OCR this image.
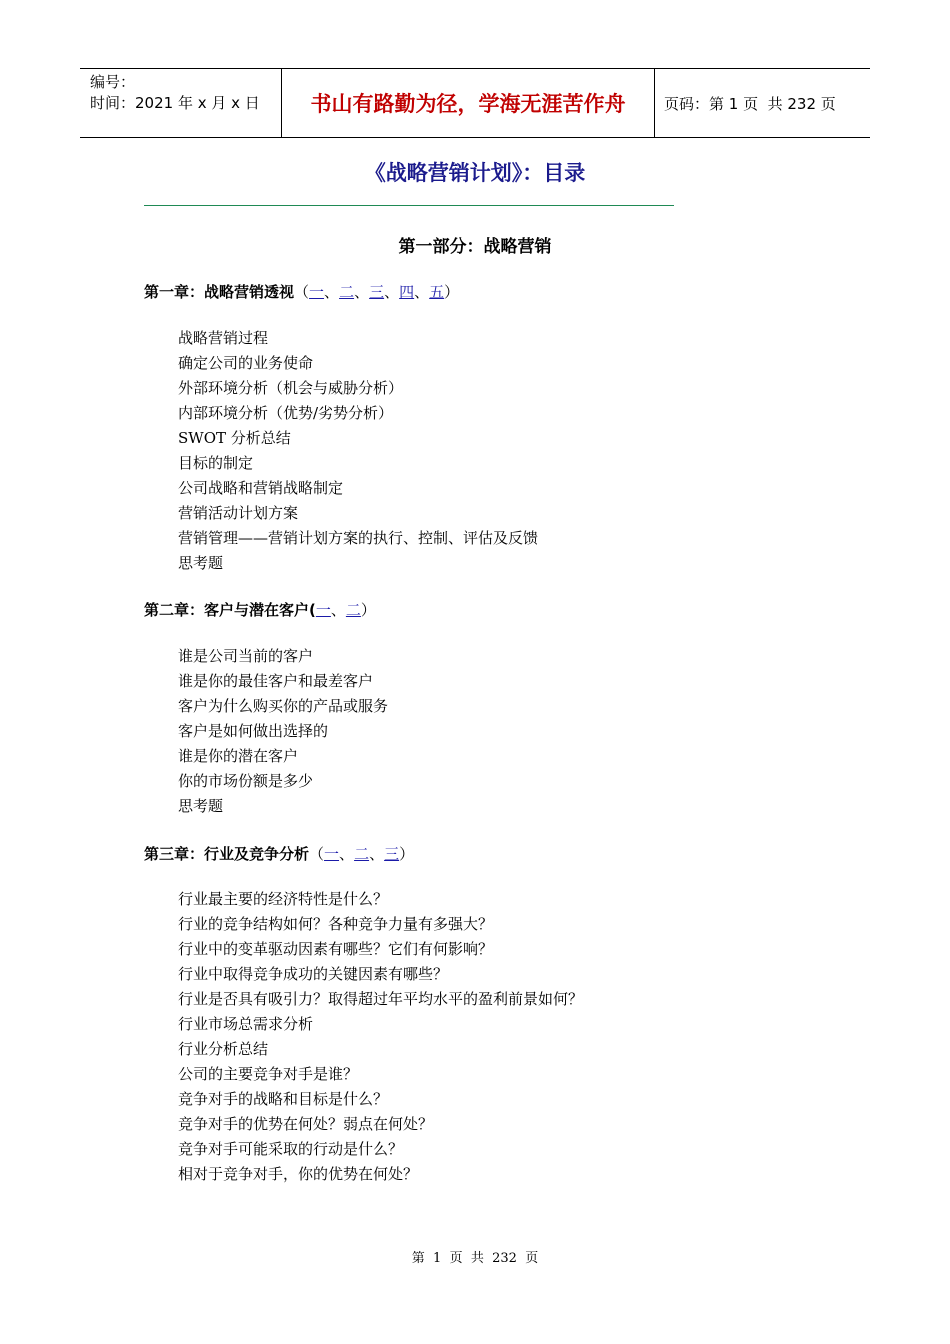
编号：
时间：2021 年 x 月 x 日	书山有路勤为径，学海无涯苦作舟	页码：第 1 页  共 232 页
《战略营销计划》：目录
第一部分：战略营销
第一章：战略营销透视（一、二、三、四、五）
战略营销过程
确定公司的业务使命
外部环境分析（机会与威胁分析）
内部环境分析（优势/劣势分析）
SWOT 分析总结
目标的制定
公司战略和营销战略制定
营销活动计划方案
营销管理——营销计划方案的执行、控制、评估及反馈
思考题
第二章：客户与潜在客户(一、二）
谁是公司当前的客户
谁是你的最佳客户和最差客户
客户为什么购买你的产品或服务
客户是如何做出选择的
谁是你的潜在客户
你的市场份额是多少
思考题
第三章：行业及竞争分析（一、二、三）
行业最主要的经济特性是什么？
行业的竞争结构如何？各种竞争力量有多强大？
行业中的变革驱动因素有哪些？它们有何影响？
行业中取得竞争成功的关键因素有哪些？
行业是否具有吸引力？取得超过年平均水平的盈利前景如何？
行业市场总需求分析
行业分析总结
公司的主要竞争对手是谁？
竞争对手的战略和目标是什么？
竞争对手的优势在何处？弱点在何处？
竞争对手可能采取的行动是什么？
相对于竞争对手，你的优势在何处？
第  1  页  共  232  页
